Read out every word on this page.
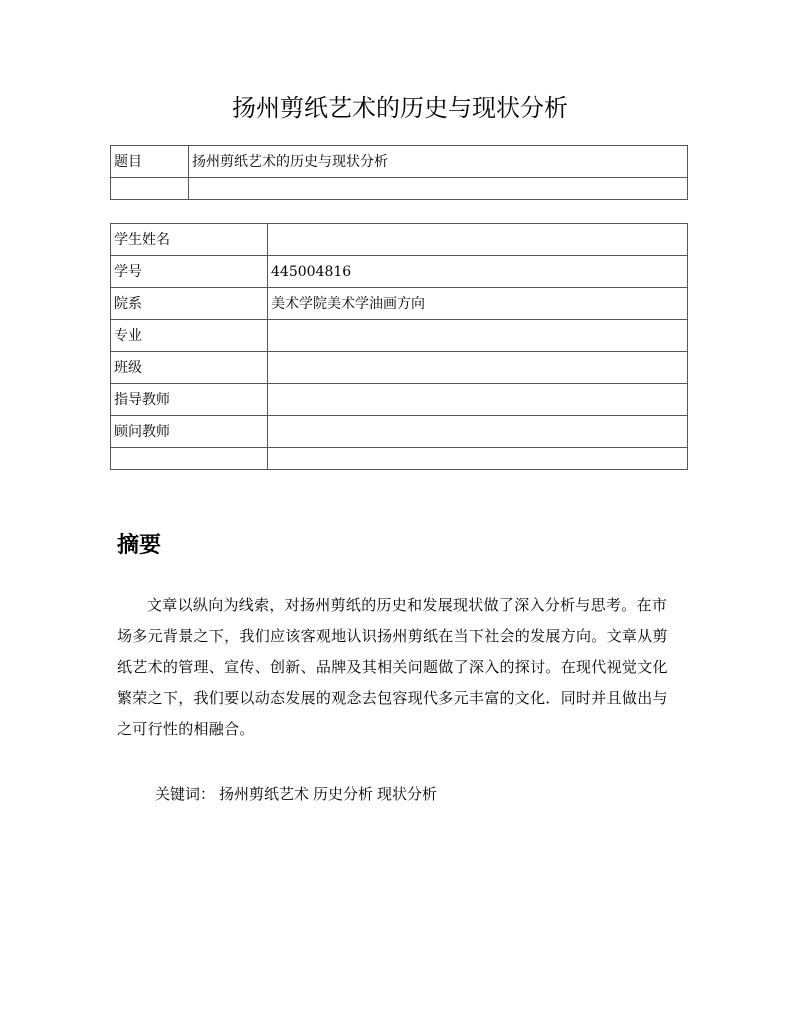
扬州剪纸艺术的历史与现状分析
题目	扬州剪纸艺术的历史与现状分析

学生姓名	
学号	445004816
院系	美术学院美术学油画方向
专业	
班级	
指导教师	
顾问教师	

摘要

文章以纵向为线索，对扬州剪纸的历史和发展现状做了深入分析与思考。在市场多元背景之下，我们应该客观地认识扬州剪纸在当下社会的发展方向。文章从剪纸艺术的管理、宣传、创新、品牌及其相关问题做了深入的探讨。在现代视觉文化繁荣之下，我们要以动态发展的观念去包容现代多元丰富的文化．同时并且做出与之可行性的相融合。

关键词： 扬州剪纸艺术 历史分析 现状分析
